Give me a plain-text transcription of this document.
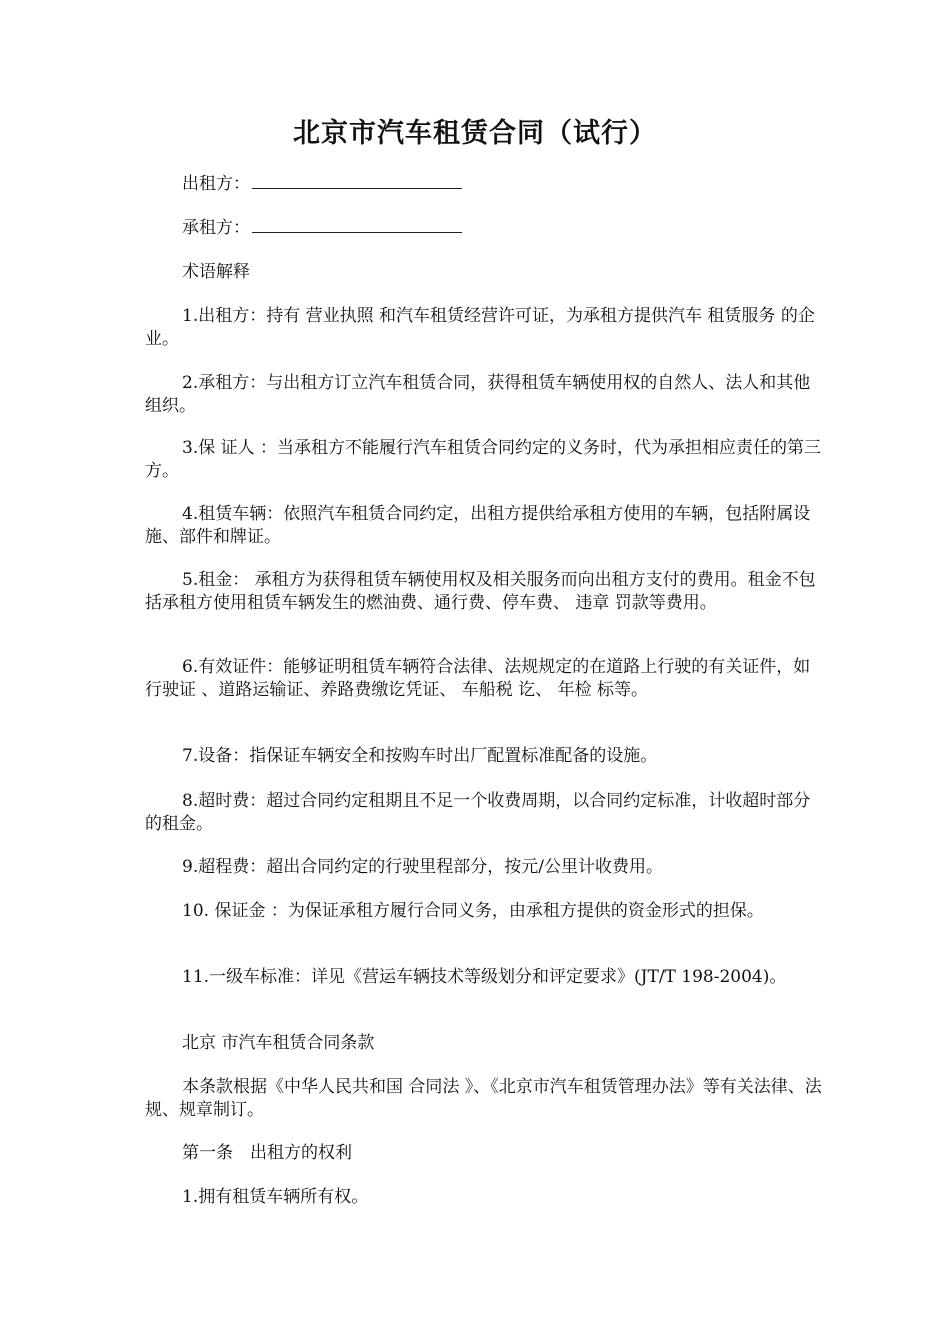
北京市汽车租赁合同（试行）
出租方：
承租方：

术语解释

1.出租方：持有 营业执照 和汽车租赁经营许可证，为承租方提供汽车 租赁服务 的企业。

2.承租方：与出租方订立汽车租赁合同，获得租赁车辆使用权的自然人、法人和其他组织。

3.保 证人 ：当承租方不能履行汽车租赁合同约定的义务时，代为承担相应责任的第三方。

4.租赁车辆：依照汽车租赁合同约定，出租方提供给承租方使用的车辆，包括附属设施、部件和牌证。

5.租金： 承租方为获得租赁车辆使用权及相关服务而向出租方支付的费用。租金不包括承租方使用租赁车辆发生的燃油费、通行费、停车费、 违章 罚款等费用。

6.有效证件：能够证明租赁车辆符合法律、法规规定的在道路上行驶的有关证件，如 行驶证 、道路运输证、养路费缴讫凭证、 车船税 讫、 年检 标等。

7.设备：指保证车辆安全和按购车时出厂配置标准配备的设施。

8.超时费：超过合同约定租期且不足一个收费周期，以合同约定标准，计收超时部分的租金。

9.超程费：超出合同约定的行驶里程部分，按元/公里计收费用。

10. 保证金 ：为保证承租方履行合同义务，由承租方提供的资金形式的担保。

11.一级车标准：详见《营运车辆技术等级划分和评定要求》(JT/T 198-2004)。

北京 市汽车租赁合同条款

本条款根据《中华人民共和国 合同法 》、《北京市汽车租赁管理办法》等有关法律、法规、规章制订。

第一条　出租方的权利

1.拥有租赁车辆所有权。
